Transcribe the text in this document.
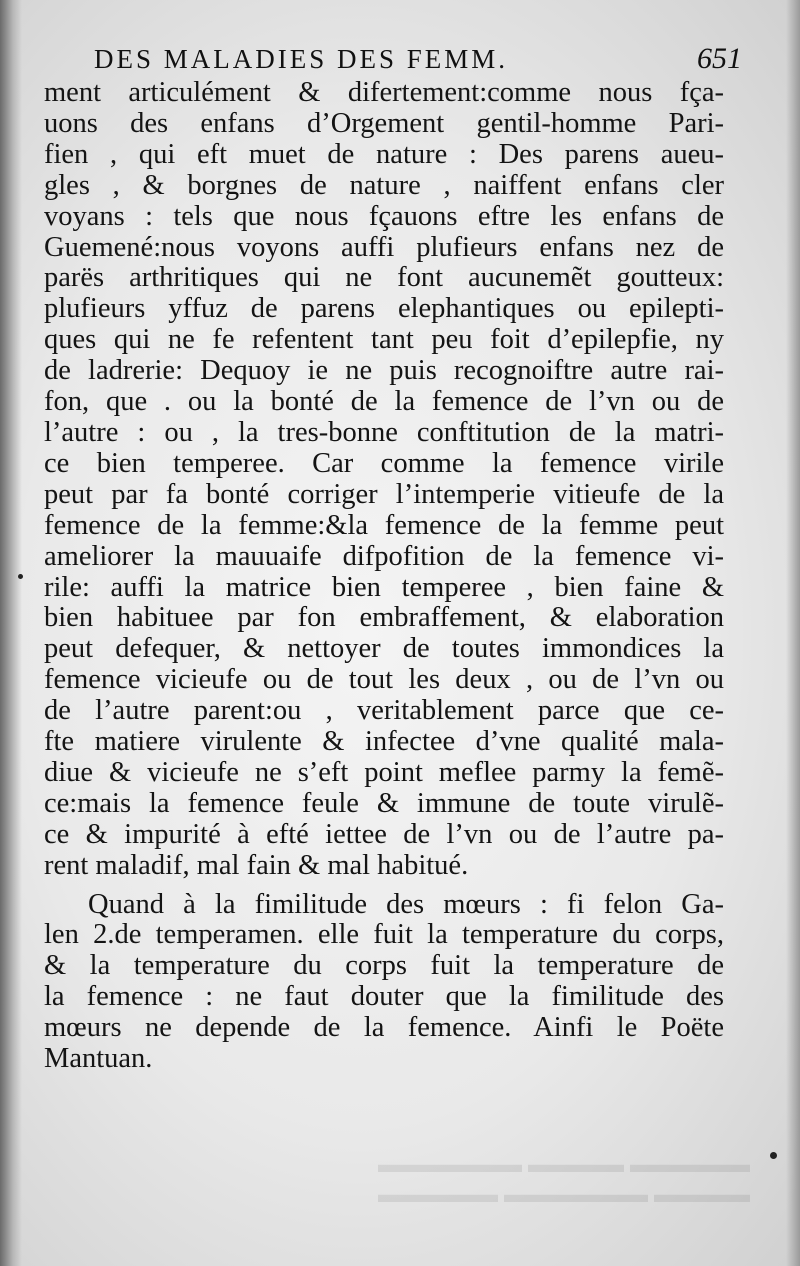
DES MALADIES DES FEMM.	651
ment articulément & difertement:comme nous fça-
uons des enfans d’Orgement gentil-homme Pari-
fien , qui eft muet de nature : Des parens aueu-
gles , & borgnes de nature , naiffent enfans cler
voyans : tels que nous fçauons eftre les enfans de
Guemené:nous voyons auffi plufieurs enfans nez de
parës arthritiques qui ne font aucunemẽt goutteux:
plufieurs yffuz de parens elephantiques ou epilepti-
ques qui ne fe refentent tant peu foit d’epilepfie, ny
de ladrerie: Dequoy ie ne puis recognoiftre autre rai-
fon, que . ou la bonté de la femence de l’vn ou de
l’autre : ou , la tres-bonne conftitution de la matri-
ce bien temperee. Car comme la femence virile
peut par fa bonté corriger l’intemperie vitieufe de la
femence de la femme:&la femence de la femme peut
ameliorer la mauuaife difpofition de la femence vi-
rile: auffi la matrice bien temperee , bien faine &
bien habituee par fon embraffement, & elaboration
peut defequer, & nettoyer de toutes immondices la
femence vicieufe ou de tout les deux , ou de l’vn ou
de l’autre parent:ou , veritablement parce que ce-
fte matiere virulente & infectee d’vne qualité mala-
diue & vicieufe ne s’eft point meflee parmy la femẽ-
ce:mais la femence feule & immune de toute virulẽ-
ce & impurité à efté iettee de l’vn ou de l’autre pa-
rent maladif, mal fain & mal habitué.
Quand à la fimilitude des mœurs : fi felon Ga-
len 2.de temperamen. elle fuit la temperature du corps,
& la temperature du corps fuit la temperature de
la femence : ne faut douter que la fimilitude des
mœurs ne depende de la femence. Ainfi le Poëte
Mantuan.
▬▬▬▬▬ ▬▬▬▬ ▬▬▬▬▬▬
▬▬▬▬ ▬▬▬▬▬▬ ▬▬▬▬▬
